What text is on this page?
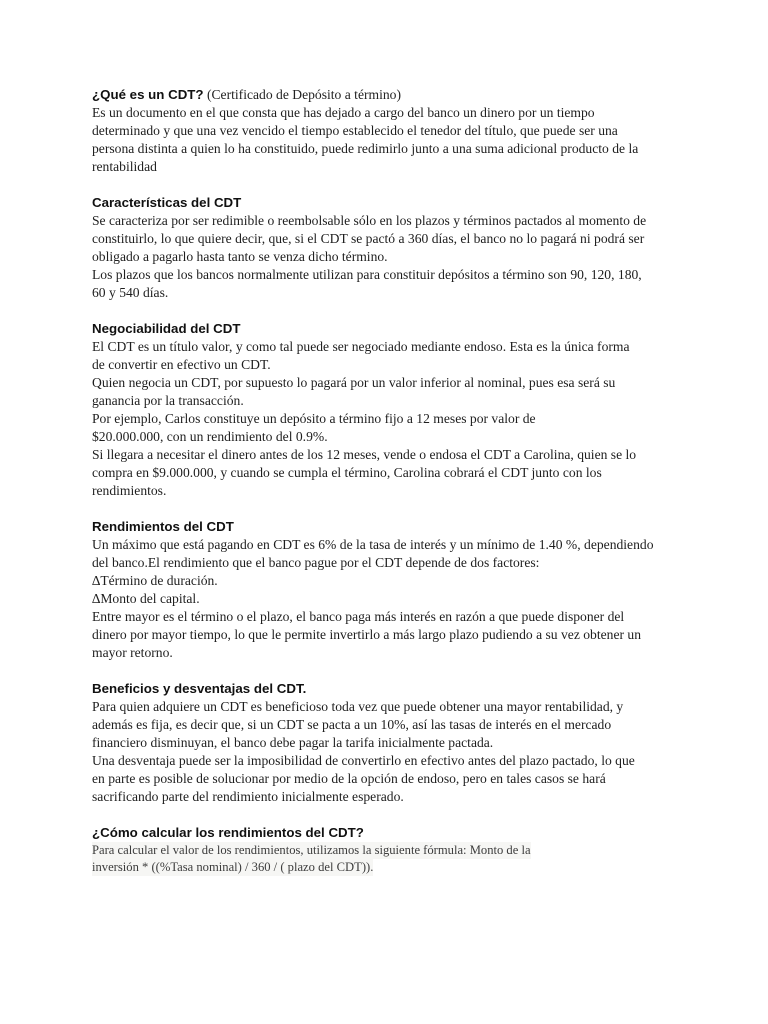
¿Qué es un CDT? (Certificado de Depósito a término)

Es un documento en el que consta que has dejado a cargo del banco un dinero por un tiempo
determinado y que una vez vencido el tiempo establecido el tenedor del título, que puede ser una
persona distinta a quien lo ha constituido, puede redimirlo junto a una suma adicional producto de la
rentabilidad

Características del CDT

Se caracteriza por ser redimible o reembolsable sólo en los plazos y términos pactados al momento de
constituirlo, lo que quiere decir, que, si el CDT se pactó a 360 días, el banco no lo pagará ni podrá ser
obligado a pagarlo hasta tanto se venza dicho término.
Los plazos que los bancos normalmente utilizan para constituir depósitos a término son 90, 120, 180,
60 y 540 días.

Negociabilidad del CDT

El CDT es un título valor, y como tal puede ser negociado mediante endoso. Esta es la única forma
de convertir en efectivo un CDT.
Quien negocia un CDT, por supuesto lo pagará por un valor inferior al nominal, pues esa será su
ganancia por la transacción.
Por ejemplo, Carlos constituye un depósito a término fijo a 12 meses por valor de
$20.000.000, con un rendimiento del 0.9%.
Si llegara a necesitar el dinero antes de los 12 meses, vende o endosa el CDT a Carolina, quien se lo
compra en $9.000.000, y cuando se cumpla el término, Carolina cobrará el CDT junto con los
rendimientos.

Rendimientos del CDT

Un máximo que está pagando en CDT es 6% de la tasa de interés y un mínimo de 1.40 %, dependiendo
del banco.El rendimiento que el banco pague por el CDT depende de dos factores:
∆Término de duración.
∆Monto del capital.
Entre mayor es el término o el plazo, el banco paga más interés en razón a que puede disponer del
dinero por mayor tiempo, lo que le permite invertirlo a más largo plazo pudiendo a su vez obtener un
mayor retorno.

Beneficios y desventajas del CDT.

Para quien adquiere un CDT es beneficioso toda vez que puede obtener una mayor rentabilidad, y
además es fija, es decir que, si un CDT se pacta a un 10%, así las tasas de interés en el mercado
financiero disminuyan, el banco debe pagar la tarifa inicialmente pactada.
Una desventaja puede ser la imposibilidad de convertirlo en efectivo antes del plazo pactado, lo que
en parte es posible de solucionar por medio de la opción de endoso, pero en tales casos se hará
sacrificando parte del rendimiento inicialmente esperado.

¿Cómo calcular los rendimientos del CDT?

Para calcular el valor de los rendimientos, utilizamos la siguiente fórmula: Monto de la
inversión * ((%Tasa nominal) / 360 / ( plazo del CDT)).
